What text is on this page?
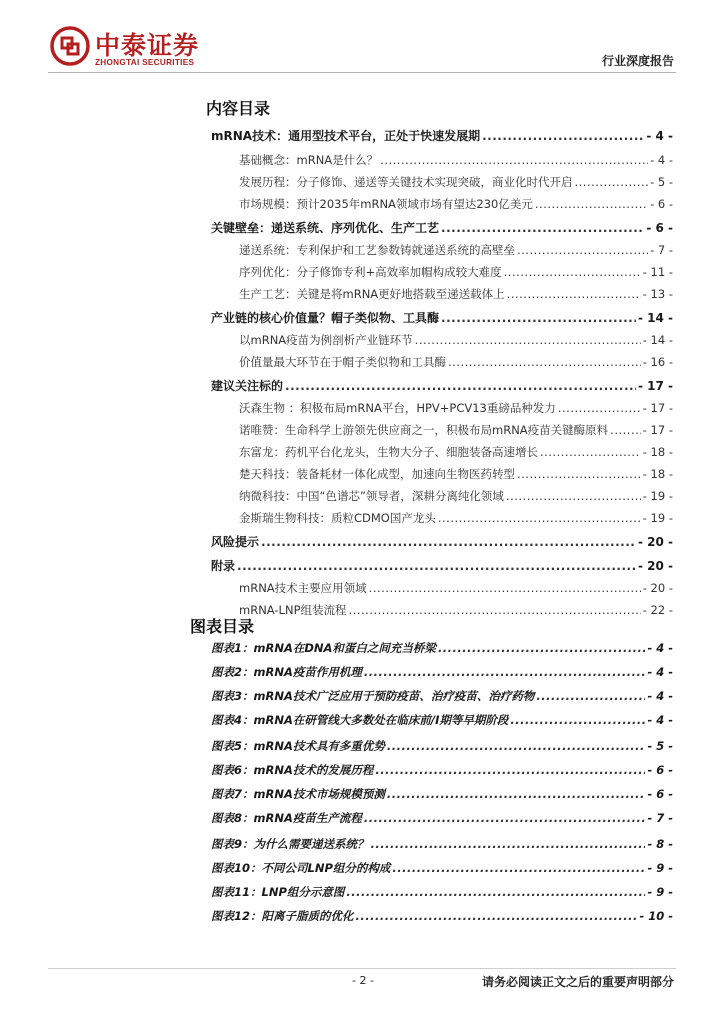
中泰证券
ZHONGTAI SECURITIES	行业深度报告
内容目录
mRNA技术：通用型技术平台，正处于快速发展期 .....	- 4 -
基础概念：mRNA是什么？ .....	- 4 -
发展历程：分子修饰、递送等关键技术实现突破，商业化时代开启 .....	- 5 -
市场规模：预计2035年mRNA领域市场有望达230亿美元 .....	- 6 -
关键壁垒：递送系统、序列优化、生产工艺 .....	- 6 -
递送系统：专利保护和工艺参数铸就递送系统的高壁垒 .....	- 7 -
序列优化：分子修饰专利+高效率加帽构成较大难度 .....	- 11 -
生产工艺：关键是将mRNA更好地搭载至递送载体上 .....	- 13 -
产业链的核心价值量？帽子类似物、工具酶 .....	- 14 -
以mRNA疫苗为例剖析产业链环节 .....	- 14 -
价值量最大环节在于帽子类似物和工具酶 .....	- 16 -
建议关注标的 .....	- 17 -
沃森生物 ：积极布局mRNA平台，HPV+PCV13重磅品种发力 .....	- 17 -
诺唯赞：生命科学上游领先供应商之一，积极布局mRNA疫苗关键酶原料 .....	- 17 -
东富龙：药机平台化龙头，生物大分子、细胞装备高速增长 .....	- 18 -
楚天科技：装备耗材一体化成型，加速向生物医药转型 .....	- 18 -
纳微科技：中国“色谱芯”领导者，深耕分离纯化领域 .....	- 19 -
金斯瑞生物科技：质粒CDMO国产龙头 .....	- 19 -
风险提示 .....	- 20 -
附录 .....	- 20 -
mRNA技术主要应用领域 .....	- 20 -
mRNA-LNP组装流程 .....	- 22 -
图表目录
图表1：mRNA在DNA和蛋白之间充当桥梁 .....	- 4 -
图表2：mRNA疫苗作用机理 .....	- 4 -
图表3：mRNA技术广泛应用于预防疫苗、治疗疫苗、治疗药物 .....	- 4 -
图表4：mRNA在研管线大多数处在临床前/I期等早期阶段 .....	- 4 -
图表5：mRNA技术具有多重优势 .....	- 5 -
图表6：mRNA技术的发展历程 .....	- 6 -
图表7：mRNA技术市场规模预测 .....	- 6 -
图表8：mRNA疫苗生产流程 .....	- 7 -
图表9：为什么需要递送系统？ .....	- 8 -
图表10：不同公司LNP组分的构成 .....	- 9 -
图表11：LNP组分示意图 .....	- 9 -
图表12：阳离子脂质的优化 .....	- 10 -
- 2 -	请务必阅读正文之后的重要声明部分
